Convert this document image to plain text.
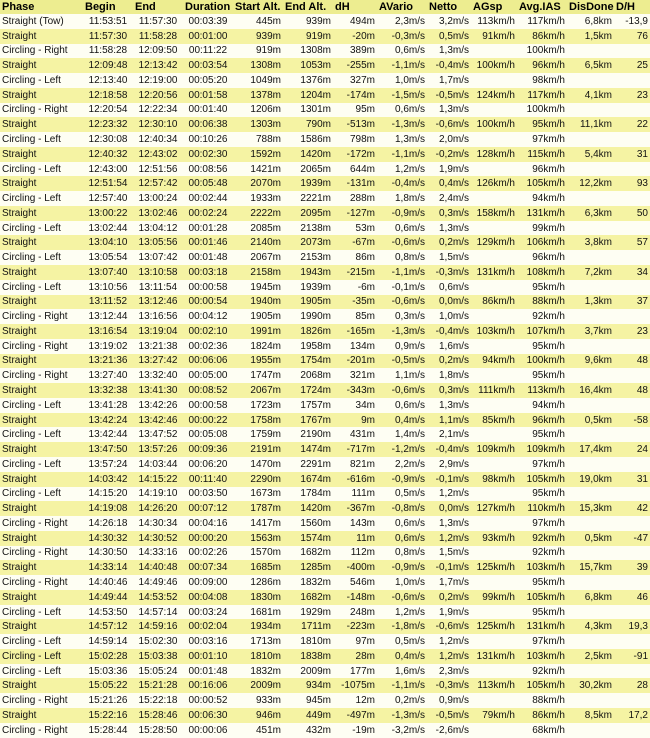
Phase	Begin	End	Duration	Start Alt.	End Alt.	dH	AVario	Netto	AGsp	Avg.IAS	DisDone	D/H
Straight (Tow)	11:53:51	11:57:30	00:03:39	445m	939m	494m	2,3m/s	3,2m/s	113km/h	117km/h	6,8km	-13,9
Straight	11:57:30	11:58:28	00:01:00	939m	919m	-20m	-0,3m/s	0,5m/s	91km/h	86km/h	1,5km	76
Circling - Right	11:58:28	12:09:50	00:11:22	919m	1308m	389m	0,6m/s	1,3m/s		100km/h		
Straight	12:09:48	12:13:42	00:03:54	1308m	1053m	-255m	-1,1m/s	-0,4m/s	100km/h	96km/h	6,5km	25
Circling - Left	12:13:40	12:19:00	00:05:20	1049m	1376m	327m	1,0m/s	1,7m/s		98km/h		
Straight	12:18:58	12:20:56	00:01:58	1378m	1204m	-174m	-1,5m/s	-0,5m/s	124km/h	117km/h	4,1km	23
Circling - Right	12:20:54	12:22:34	00:01:40	1206m	1301m	95m	0,6m/s	1,3m/s		100km/h		
Straight	12:23:32	12:30:10	00:06:38	1303m	790m	-513m	-1,3m/s	-0,6m/s	100km/h	95km/h	11,1km	22
Circling - Left	12:30:08	12:40:34	00:10:26	788m	1586m	798m	1,3m/s	2,0m/s		97km/h		
Straight	12:40:32	12:43:02	00:02:30	1592m	1420m	-172m	-1,1m/s	-0,2m/s	128km/h	115km/h	5,4km	31
Circling - Left	12:43:00	12:51:56	00:08:56	1421m	2065m	644m	1,2m/s	1,9m/s		96km/h		
Straight	12:51:54	12:57:42	00:05:48	2070m	1939m	-131m	-0,4m/s	0,4m/s	126km/h	105km/h	12,2km	93
Circling - Left	12:57:40	13:00:24	00:02:44	1933m	2221m	288m	1,8m/s	2,4m/s		94km/h		
Straight	13:00:22	13:02:46	00:02:24	2222m	2095m	-127m	-0,9m/s	0,3m/s	158km/h	131km/h	6,3km	50
Circling - Left	13:02:44	13:04:12	00:01:28	2085m	2138m	53m	0,6m/s	1,3m/s		99km/h		
Straight	13:04:10	13:05:56	00:01:46	2140m	2073m	-67m	-0,6m/s	0,2m/s	129km/h	106km/h	3,8km	57
Circling - Left	13:05:54	13:07:42	00:01:48	2067m	2153m	86m	0,8m/s	1,5m/s		96km/h		
Straight	13:07:40	13:10:58	00:03:18	2158m	1943m	-215m	-1,1m/s	-0,3m/s	131km/h	108km/h	7,2km	34
Circling - Left	13:10:56	13:11:54	00:00:58	1945m	1939m	-6m	-0,1m/s	0,6m/s		95km/h		
Straight	13:11:52	13:12:46	00:00:54	1940m	1905m	-35m	-0,6m/s	0,0m/s	86km/h	88km/h	1,3km	37
Circling - Right	13:12:44	13:16:56	00:04:12	1905m	1990m	85m	0,3m/s	1,0m/s		92km/h		
Straight	13:16:54	13:19:04	00:02:10	1991m	1826m	-165m	-1,3m/s	-0,4m/s	103km/h	107km/h	3,7km	23
Circling - Right	13:19:02	13:21:38	00:02:36	1824m	1958m	134m	0,9m/s	1,6m/s		95km/h		
Straight	13:21:36	13:27:42	00:06:06	1955m	1754m	-201m	-0,5m/s	0,2m/s	94km/h	100km/h	9,6km	48
Circling - Right	13:27:40	13:32:40	00:05:00	1747m	2068m	321m	1,1m/s	1,8m/s		95km/h		
Straight	13:32:38	13:41:30	00:08:52	2067m	1724m	-343m	-0,6m/s	0,3m/s	111km/h	113km/h	16,4km	48
Circling - Left	13:41:28	13:42:26	00:00:58	1723m	1757m	34m	0,6m/s	1,3m/s		94km/h		
Straight	13:42:24	13:42:46	00:00:22	1758m	1767m	9m	0,4m/s	1,1m/s	85km/h	96km/h	0,5km	-58
Circling - Left	13:42:44	13:47:52	00:05:08	1759m	2190m	431m	1,4m/s	2,1m/s		95km/h		
Straight	13:47:50	13:57:26	00:09:36	2191m	1474m	-717m	-1,2m/s	-0,4m/s	109km/h	109km/h	17,4km	24
Circling - Left	13:57:24	14:03:44	00:06:20	1470m	2291m	821m	2,2m/s	2,9m/s		97km/h		
Straight	14:03:42	14:15:22	00:11:40	2290m	1674m	-616m	-0,9m/s	-0,1m/s	98km/h	105km/h	19,0km	31
Circling - Left	14:15:20	14:19:10	00:03:50	1673m	1784m	111m	0,5m/s	1,2m/s		95km/h		
Straight	14:19:08	14:26:20	00:07:12	1787m	1420m	-367m	-0,8m/s	0,0m/s	127km/h	110km/h	15,3km	42
Circling - Right	14:26:18	14:30:34	00:04:16	1417m	1560m	143m	0,6m/s	1,3m/s		97km/h		
Straight	14:30:32	14:30:52	00:00:20	1563m	1574m	11m	0,6m/s	1,2m/s	93km/h	92km/h	0,5km	-47
Circling - Right	14:30:50	14:33:16	00:02:26	1570m	1682m	112m	0,8m/s	1,5m/s		92km/h		
Straight	14:33:14	14:40:48	00:07:34	1685m	1285m	-400m	-0,9m/s	-0,1m/s	125km/h	103km/h	15,7km	39
Circling - Right	14:40:46	14:49:46	00:09:00	1286m	1832m	546m	1,0m/s	1,7m/s		95km/h		
Straight	14:49:44	14:53:52	00:04:08	1830m	1682m	-148m	-0,6m/s	0,2m/s	99km/h	105km/h	6,8km	46
Circling - Left	14:53:50	14:57:14	00:03:24	1681m	1929m	248m	1,2m/s	1,9m/s		95km/h		
Straight	14:57:12	14:59:16	00:02:04	1934m	1711m	-223m	-1,8m/s	-0,6m/s	125km/h	131km/h	4,3km	19,3
Circling - Left	14:59:14	15:02:30	00:03:16	1713m	1810m	97m	0,5m/s	1,2m/s		97km/h		
Circling - Left	15:02:28	15:03:38	00:01:10	1810m	1838m	28m	0,4m/s	1,2m/s	131km/h	103km/h	2,5km	-91
Circling - Left	15:03:36	15:05:24	00:01:48	1832m	2009m	177m	1,6m/s	2,3m/s		92km/h		
Straight	15:05:22	15:21:28	00:16:06	2009m	934m	-1075m	-1,1m/s	-0,3m/s	113km/h	105km/h	30,2km	28
Circling - Right	15:21:26	15:22:18	00:00:52	933m	945m	12m	0,2m/s	0,9m/s		88km/h		
Straight	15:22:16	15:28:46	00:06:30	946m	449m	-497m	-1,3m/s	-0,5m/s	79km/h	86km/h	8,5km	17,2
Circling - Right	15:28:44	15:28:50	00:00:06	451m	432m	-19m	-3,2m/s	-2,6m/s		68km/h		
